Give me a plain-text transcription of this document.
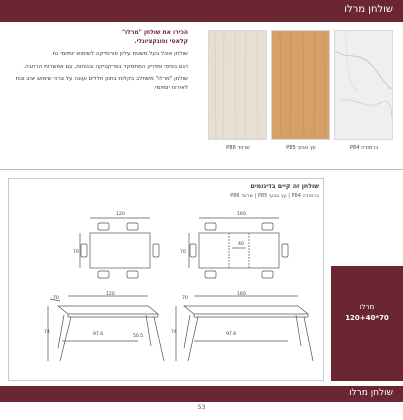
שולחן מרלו

הכירו את שולחן "מרלו"

קלאסי ופונקציונלי.

שולחן אוכל בעל משטח עליון פורמייקה לשימוש יומיומי נח

דגם בסיסי ומדויק המתמקד בפרקטיקה ובנוחות, עם אפשרות הרחבה.

שולחן "מרלו" משתלב בקלות בתוון חללים ועונה על צרכי שימוש יציב ונוח לאירוח יומיומי.

ברמודה P84
עץ טבעי P85
שרווד P86
שולחן זה קיים בדיגומים
ברמודה P84 | עץ טבעי P85 | שרווד P86
120
70
160
70
40
120
70
74	97.6	50.5
160
70
74	97.6
מרלו
120+40*70
שולחן מרלו
53
